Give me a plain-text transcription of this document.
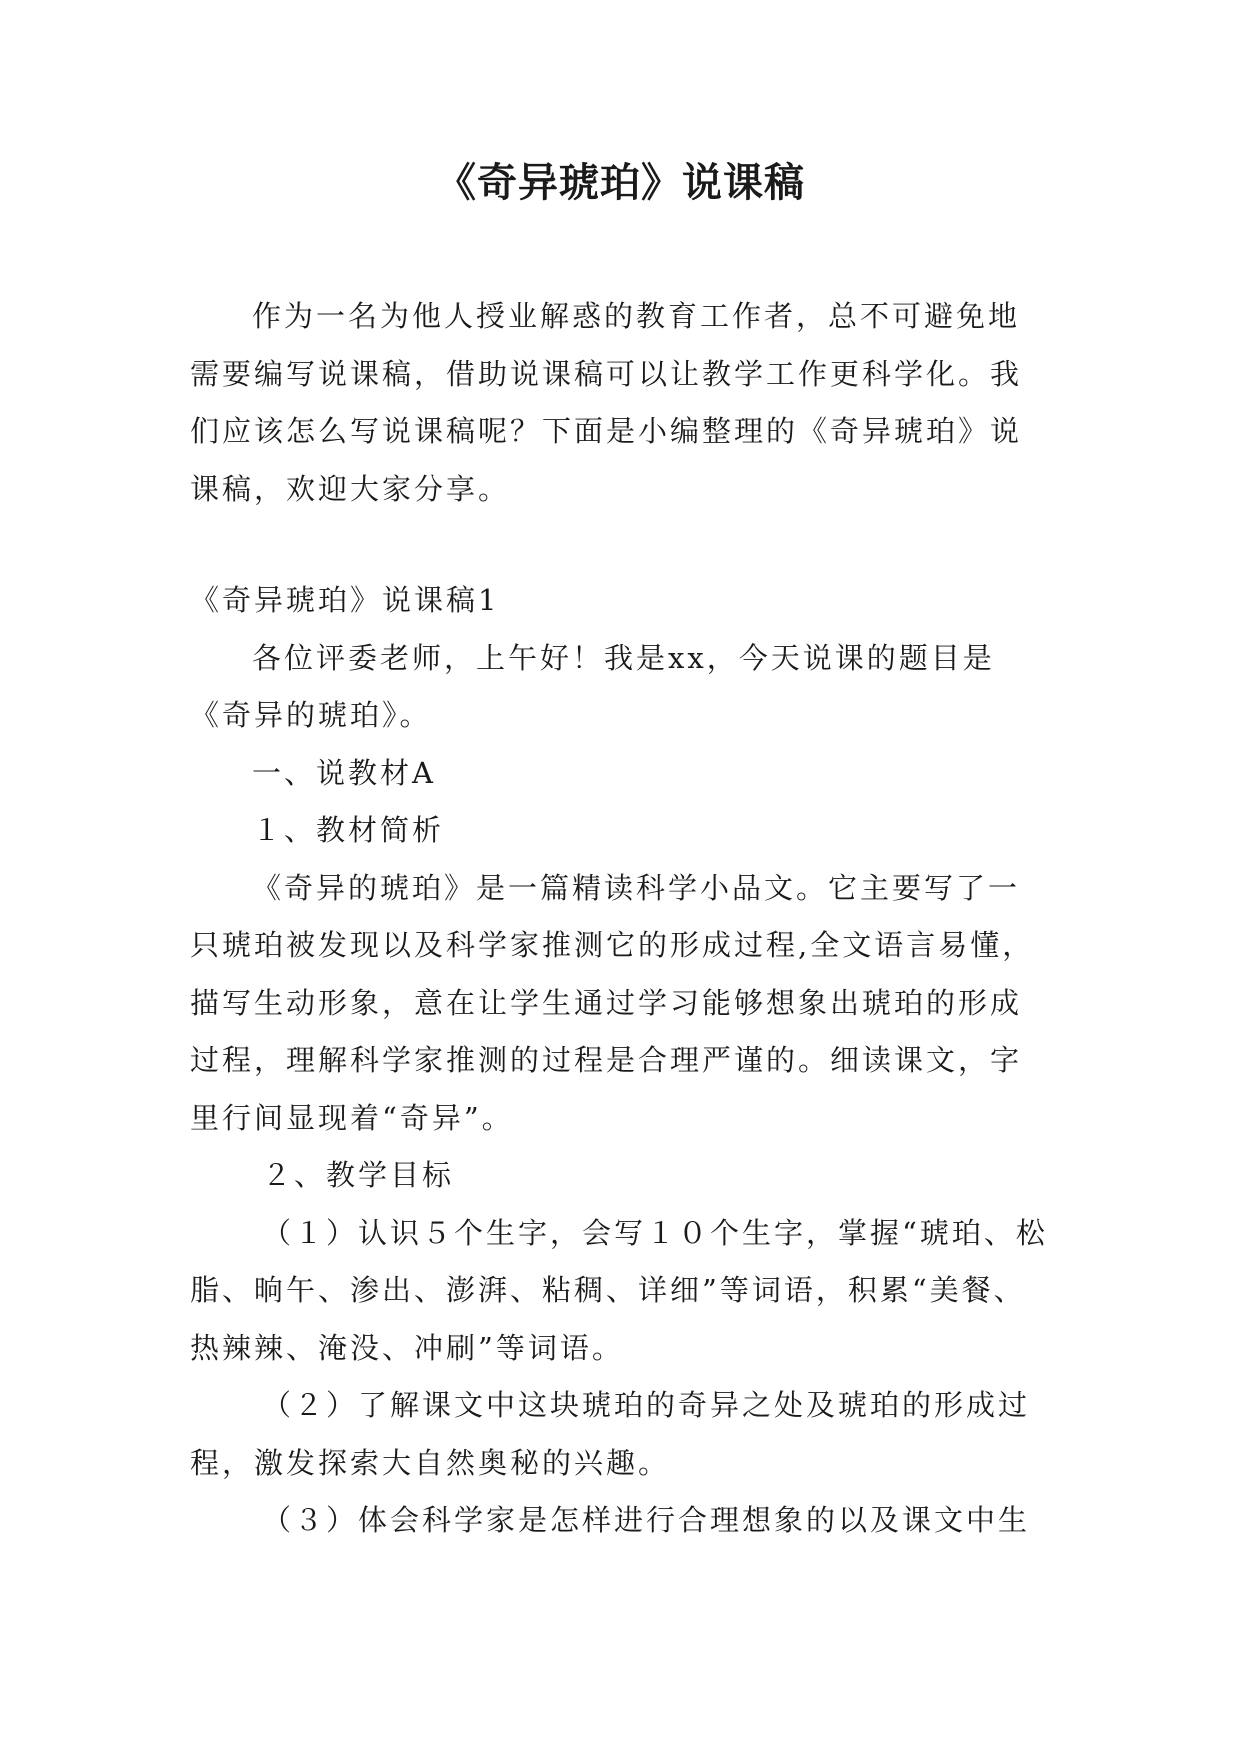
《奇异琥珀》说课稿

作为一名为他人授业解惑的教育工作者，总不可避免地需要编写说课稿，借助说课稿可以让教学工作更科学化。我们应该怎么写说课稿呢？下面是小编整理的《奇异琥珀》说课稿，欢迎大家分享。

《奇异琥珀》说课稿1

各位评委老师，上午好！我是xx，今天说课的题目是《奇异的琥珀》。

一、说教材A

１、教材简析

《奇异的琥珀》是一篇精读科学小品文。它主要写了一只琥珀被发现以及科学家推测它的形成过程,全文语言易懂，描写生动形象，意在让学生通过学习能够想象出琥珀的形成过程，理解科学家推测的过程是合理严谨的。细读课文，字里行间显现着“奇异”。

２、教学目标

（１）认识５个生字，会写１０个生字，掌握“琥珀、松脂、晌午、渗出、澎湃、粘稠、详细”等词语，积累“美餐、热辣辣、淹没、冲刷”等词语。

（２）了解课文中这块琥珀的奇异之处及琥珀的形成过程，激发探索大自然奥秘的兴趣。

（３）体会科学家是怎样进行合理想象的以及课文中生
